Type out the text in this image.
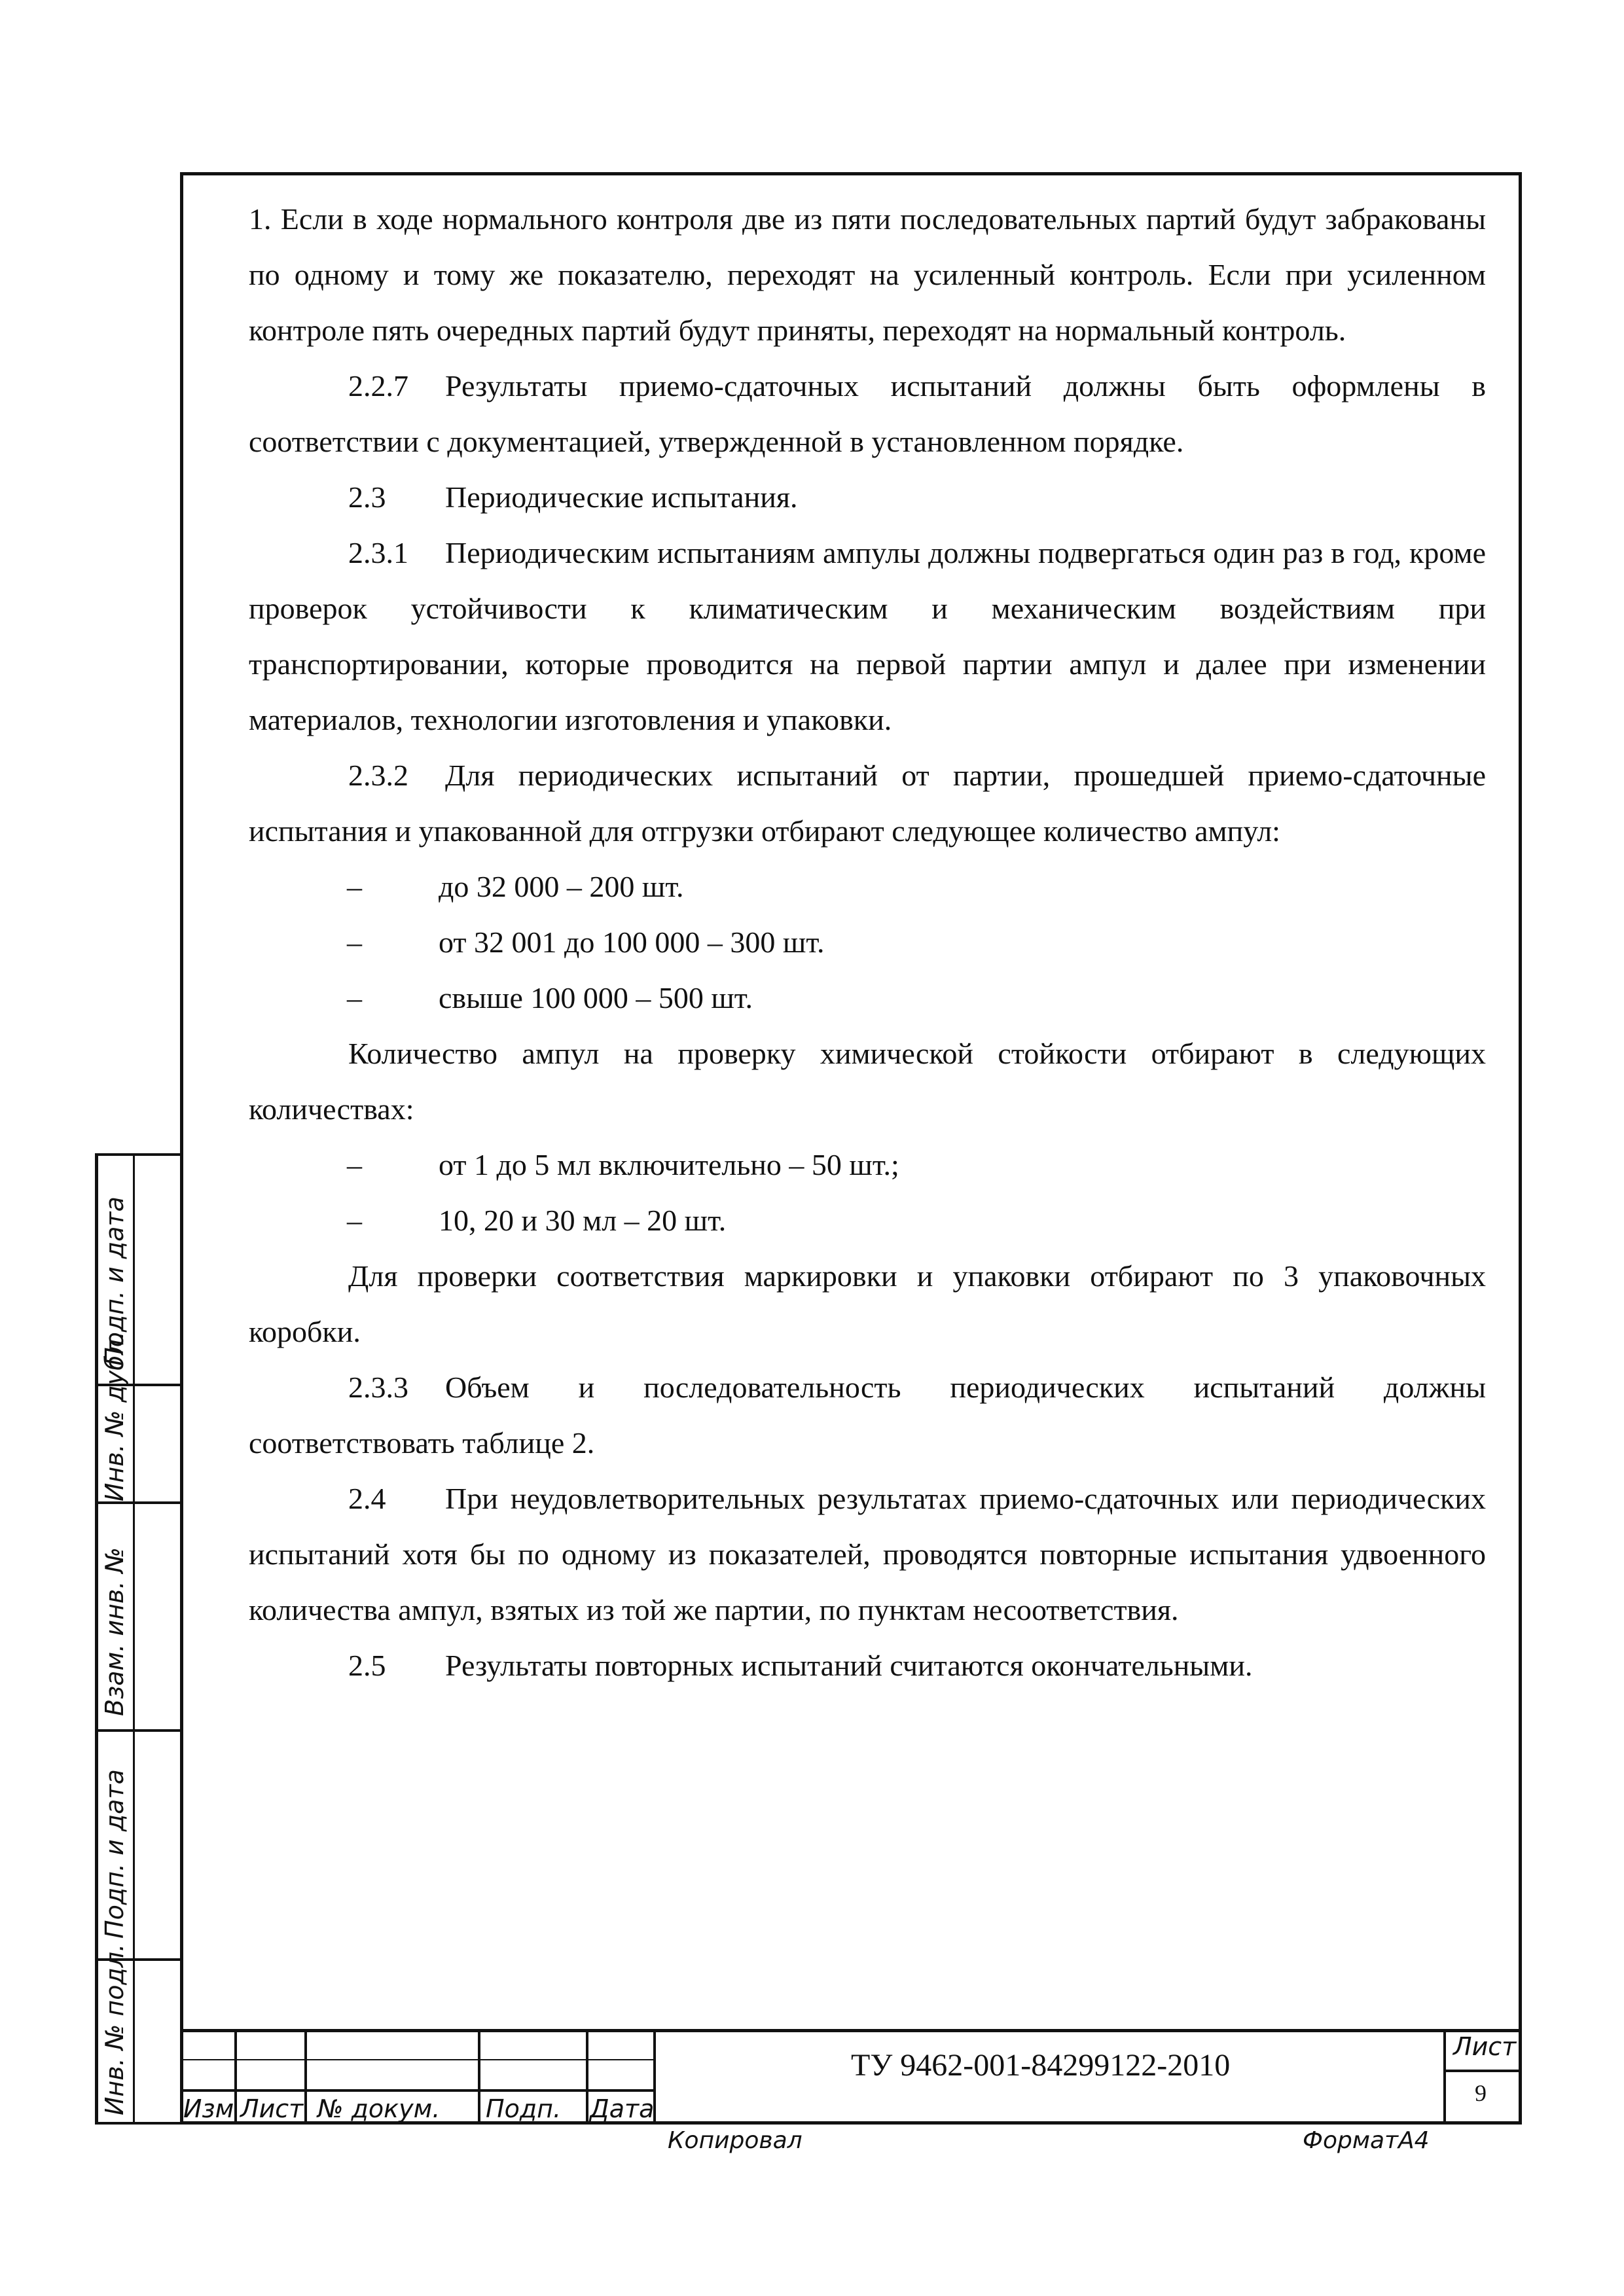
1. Если в ходе нормального контроля две из пяти последовательных партий будут забракованы по одному и тому же показателю, переходят на усиленный контроль. Если при усиленном контроле пять очередных партий будут приняты, переходят на нормальный контроль.

2.2.7 Результаты приемо-сдаточных испытаний должны быть оформлены в соответствии с документацией, утвержденной в установленном порядке.

2.3 Периодические испытания.

2.3.1 Периодическим испытаниям ампулы должны подвергаться один раз в год, кроме проверок устойчивости к климатическим и механическим воздействиям при транспортировании, которые проводится на первой партии ампул и далее при изменении материалов, технологии изготовления и упаковки.

2.3.2 Для периодических испытаний от партии, прошедшей приемо-сдаточные испытания и упакованной для отгрузки отбирают следующее количество ампул:

–	до 32 000 – 200 шт.

–	от 32 001 до 100 000 – 300 шт.

–	свыше 100 000 – 500 шт.

Количество ампул на проверку химической стойкости отбирают в следующих количествах:

–	от 1 до 5 мл включительно – 50 шт.;

–	10, 20 и 30 мл – 20 шт.

Для проверки соответствия маркировки и упаковки отбирают по 3 упаковочных коробки.

2.3.3 Объем и последовательность периодических испытаний должны соответствовать таблице 2.

2.4 При неудовлетворительных результатах приемо-сдаточных или периодических испытаний хотя бы по одному из показателей, проводятся повторные испытания удвоенного количества ампул, взятых из той же партии, по пунктам несоответствия.

2.5 Результаты повторных испытаний считаются окончательными.

Подп. и дата
Инв. № дубл.
Взам. инв. №
Подп. и дата
Инв. № подл. Изм Лист № докум. Подп. Дата
ТУ 9462-001-84299122-2010
Лист
9
Копировал	ФорматА4
